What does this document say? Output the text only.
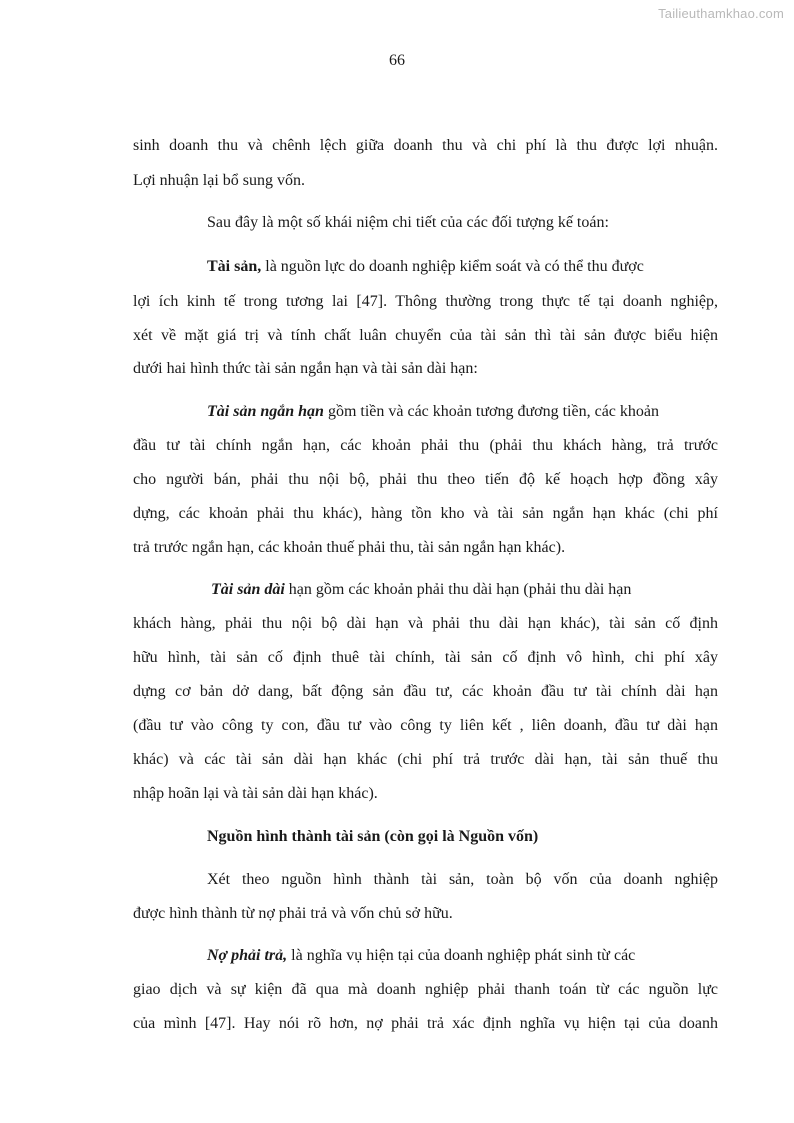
Tailieuthamkhao.com
66
sinh doanh thu và chênh lệch giữa doanh thu và chi phí là thu được lợi nhuận.
Lợi nhuận lại bổ sung vốn.
Sau đây là một số khái niệm chi tiết của các đối tượng kế toán:
Tài sản, là nguồn lực do doanh nghiệp kiểm soát và có thể thu được
lợi ích kinh tế trong tương lai [47]. Thông thường trong thực tế tại doanh nghiệp,
xét về mặt giá trị và tính chất luân chuyển của tài sản thì tài sản được biểu hiện
dưới hai hình thức tài sản ngắn hạn và tài sản dài hạn:
Tài sản ngắn hạn gồm tiền và các khoản tương đương tiền, các khoản
đầu tư tài chính ngắn hạn, các khoản phải thu (phải thu khách hàng, trả trước
cho người bán, phải thu nội bộ, phải thu theo tiến độ kế hoạch hợp đồng xây
dựng, các khoản phải thu khác), hàng tồn kho và tài sản ngắn hạn khác (chi phí
trả trước ngắn hạn, các khoản thuế phải thu, tài sản ngắn hạn khác).
Tài sản dài hạn gồm các khoản phải thu dài hạn (phải thu dài hạn
khách hàng, phải thu nội bộ dài hạn và phải thu dài hạn khác), tài sản cố định
hữu hình, tài sản cố định thuê tài chính, tài sản cố định vô hình, chi phí xây
dựng cơ bản dở dang, bất động sản đầu tư, các khoản đầu tư tài chính dài hạn
(đầu tư vào công ty con, đầu tư vào công ty liên kết , liên doanh, đầu tư dài hạn
khác) và các tài sản dài hạn khác (chi phí trả trước dài hạn, tài sản thuế thu
nhập hoãn lại và tài sản dài hạn khác).
Nguồn hình thành tài sản (còn gọi là Nguồn vốn)
Xét theo nguồn hình thành tài sản, toàn bộ vốn của doanh nghiệp
được hình thành từ nợ phải trả và vốn chủ sở hữu.
Nợ phải trả, là nghĩa vụ hiện tại của doanh nghiệp phát sinh từ các
giao dịch và sự kiện đã qua mà doanh nghiệp phải thanh toán từ các nguồn lực
của mình [47]. Hay nói rõ hơn, nợ phải trả xác định nghĩa vụ hiện tại của doanh
